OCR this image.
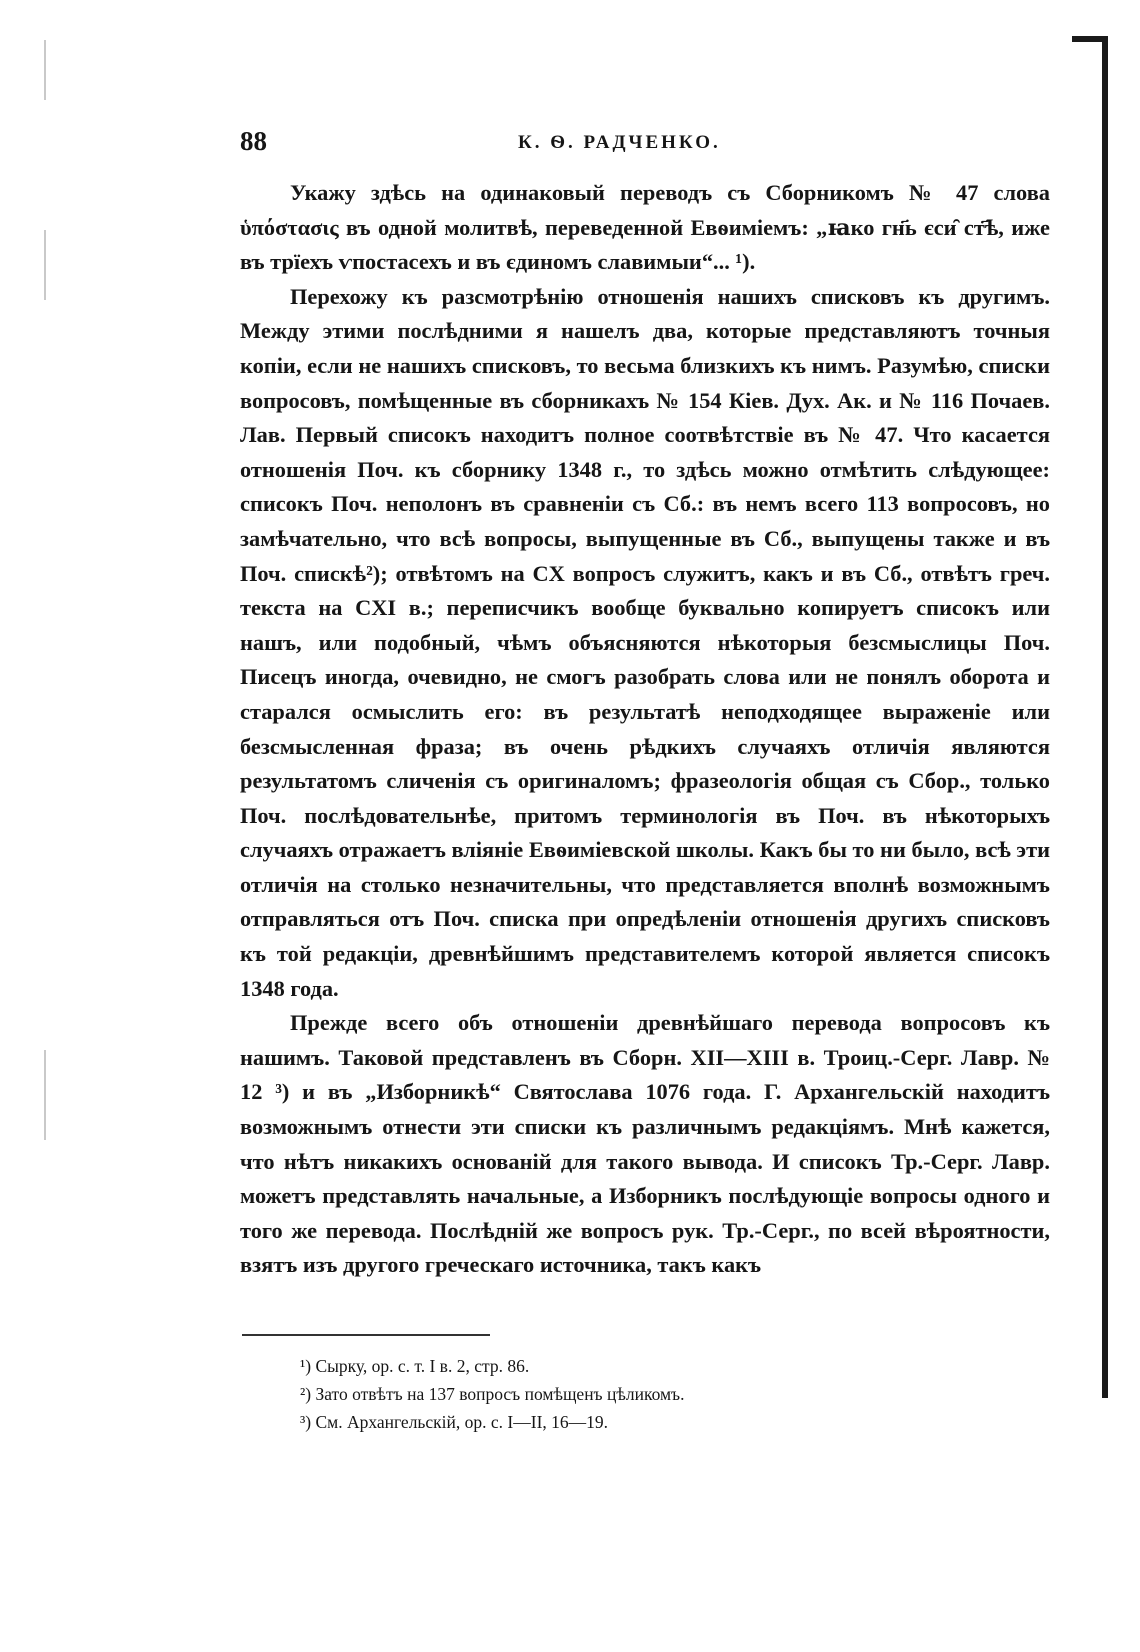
88	К. Ѳ. РАДЧЕНКО.

Укажу здѣсь на одинаковый переводъ съ Сборникомъ № 47 слова ὑπόστασις въ одной молитвѣ, переведенной Евѳиміемъ: „ꙗко гн҃ь єси̑ ст҃ѣ, иже въ трїехъ ѵпостасехъ и въ єдиномъ славимыи“... ¹).

Перехожу къ разсмотрѣнію отношенія нашихъ списковъ къ другимъ. Между этими послѣдними я нашелъ два, которые представляютъ точныя копіи, если не нашихъ списковъ, то весьма близкихъ къ нимъ. Разумѣю, списки вопросовъ, помѣщенные въ сборникахъ № 154 Кіев. Дух. Ак. и № 116 Почаев. Лав. Первый списокъ находитъ полное соотвѣтствіе въ № 47. Что касается отношенія Поч. къ сборнику 1348 г., то здѣсь можно отмѣтить слѣдующее: списокъ Поч. неполонъ въ сравненіи съ Сб.: въ немъ всего 113 вопросовъ, но замѣчательно, что всѣ вопросы, выпущенные въ Сб., выпущены также и въ Поч. спискѣ²); отвѣтомъ на CX вопросъ служитъ, какъ и въ Сб., отвѣтъ греч. текста на CXI в.; переписчикъ вообще буквально копируетъ списокъ или нашъ, или подобный, чѣмъ объясняются нѣкоторыя безсмыслицы Поч. Писецъ иногда, очевидно, не смогъ разобрать слова или не понялъ оборота и старался осмыслить его: въ результатѣ неподходящее выраженіе или безсмысленная фраза; въ очень рѣдкихъ случаяхъ отличія являются результатомъ сличенія съ оригиналомъ; фразеологія общая съ Сбор., только Поч. послѣдовательнѣе, притомъ терминологія въ Поч. въ нѣкоторыхъ случаяхъ отражаетъ вліяніе Евѳиміевской школы. Какъ бы то ни было, всѣ эти отличія на столько незначительны, что представляется вполнѣ возможнымъ отправляться отъ Поч. списка при опредѣленіи отношенія другихъ списковъ къ той редакціи, древнѣйшимъ представителемъ которой является списокъ 1348 года.

Прежде всего объ отношеніи древнѣйшаго перевода вопросовъ къ нашимъ. Таковой представленъ въ Сборн. XII—XIII в. Троиц.-Серг. Лавр. № 12 ³) и въ „Изборникѣ“ Святослава 1076 года. Г. Архангельскій находитъ возможнымъ отнести эти списки къ различнымъ редакціямъ. Мнѣ кажется, что нѣтъ никакихъ основаній для такого вывода. И списокъ Тр.-Серг. Лавр. можетъ представлять начальные, а Изборникъ послѣдующіе вопросы одного и того же перевода. Послѣдній же вопросъ рук. Тр.-Серг., по всей вѣроятности, взятъ изъ другого греческаго источника, такъ какъ

¹) Сырку, ор. с. т. I в. 2, стр. 86.
²) Зато отвѣтъ на 137 вопросъ помѣщенъ цѣликомъ.
³) См. Архангельскій, ор. с. I—II, 16—19.
